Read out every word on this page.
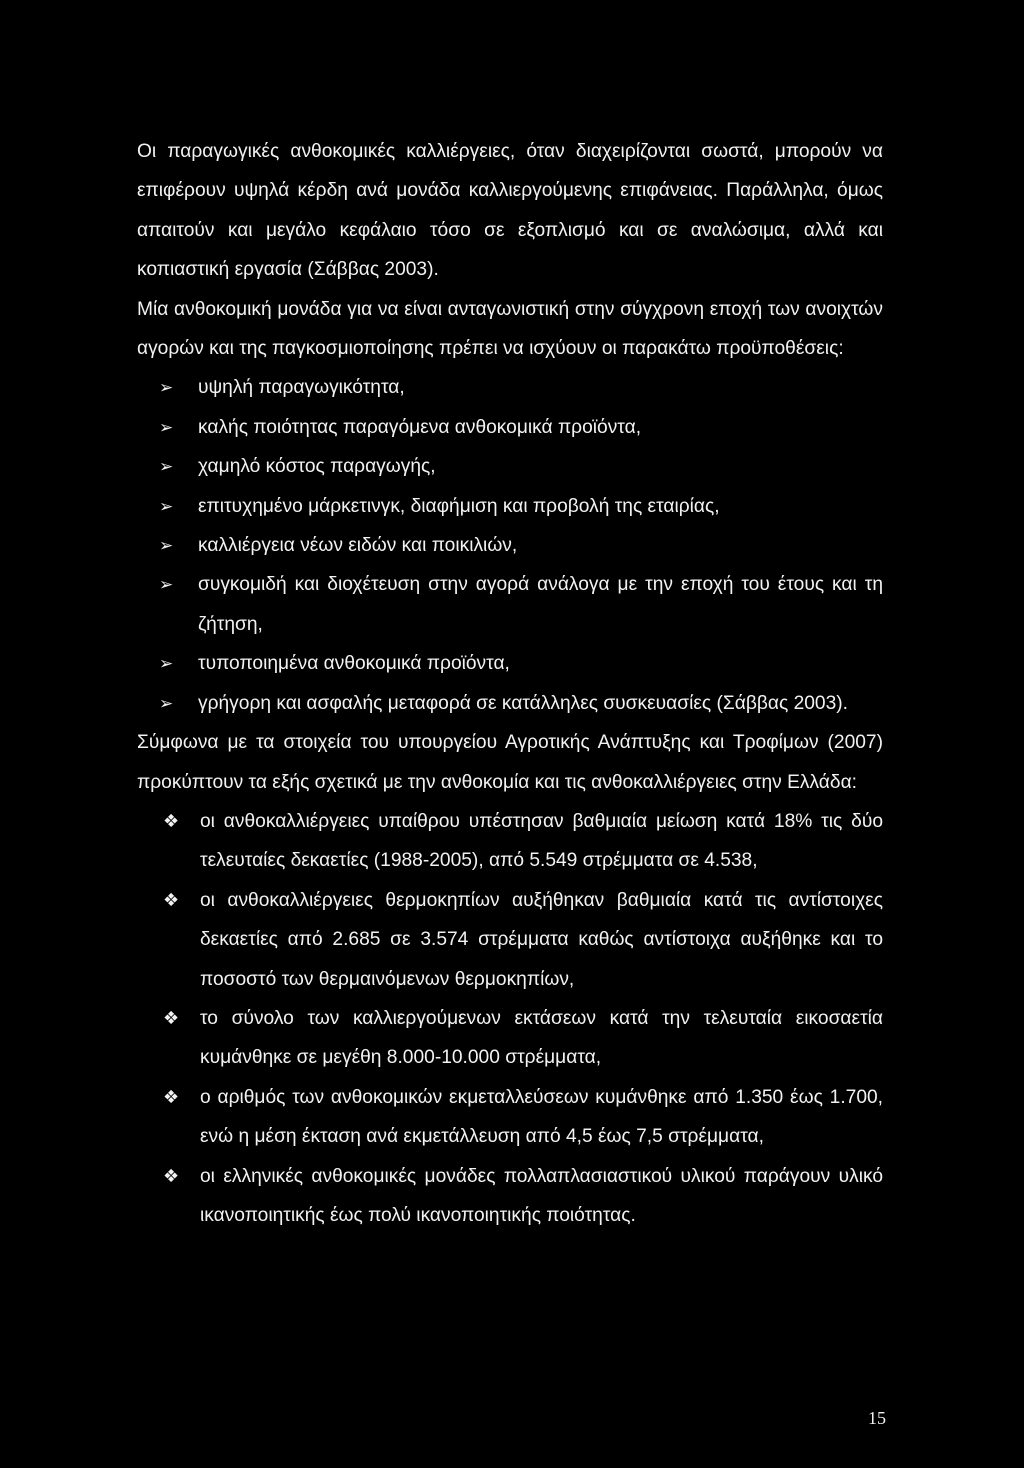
Οι παραγωγικές ανθοκομικές καλλιέργειες, όταν διαχειρίζονται σωστά, μπορούν να επιφέρουν υψηλά κέρδη ανά μονάδα καλλιεργούμενης επιφάνειας. Παράλληλα, όμως απαιτούν και μεγάλο κεφάλαιο τόσο σε εξοπλισμό και σε αναλώσιμα, αλλά και κοπιαστική εργασία (Σάββας 2003).

Μία ανθοκομική μονάδα για να είναι ανταγωνιστική στην σύγχρονη εποχή των ανοιχτών αγορών και της παγκοσμιοποίησης πρέπει να ισχύουν οι παρακάτω προϋποθέσεις:

➢ υψηλή παραγωγικότητα,
➢ καλής ποιότητας παραγόμενα ανθοκομικά προϊόντα,
➢ χαμηλό κόστος παραγωγής,
➢ επιτυχημένο μάρκετινγκ, διαφήμιση και προβολή της εταιρίας,
➢ καλλιέργεια νέων ειδών και ποικιλιών,
➢ συγκομιδή και διοχέτευση στην αγορά ανάλογα με την εποχή του έτους και τη ζήτηση,
➢ τυποποιημένα ανθοκομικά προϊόντα,
➢ γρήγορη και ασφαλής μεταφορά σε κατάλληλες συσκευασίες (Σάββας 2003).

Σύμφωνα με τα στοιχεία του υπουργείου Αγροτικής Ανάπτυξης και Τροφίμων (2007) προκύπτουν τα εξής σχετικά με την ανθοκομία και τις ανθοκαλλιέργειες στην Ελλάδα:

❖ οι ανθοκαλλιέργειες υπαίθρου υπέστησαν βαθμιαία μείωση κατά 18% τις δύο τελευταίες δεκαετίες (1988-2005), από 5.549 στρέμματα σε 4.538,
❖ οι ανθοκαλλιέργειες θερμοκηπίων αυξήθηκαν βαθμιαία κατά τις αντίστοιχες δεκαετίες από 2.685 σε 3.574 στρέμματα καθώς αντίστοιχα αυξήθηκε και το ποσοστό των θερμαινόμενων θερμοκηπίων,
❖ το σύνολο των καλλιεργούμενων εκτάσεων κατά την τελευταία εικοσαετία κυμάνθηκε σε μεγέθη 8.000-10.000 στρέμματα,
❖ ο αριθμός των ανθοκομικών εκμεταλλεύσεων κυμάνθηκε από 1.350 έως 1.700, ενώ η μέση έκταση ανά εκμετάλλευση από 4,5 έως 7,5 στρέμματα,
❖ οι ελληνικές ανθοκομικές μονάδες πολλαπλασιαστικού υλικού παράγουν υλικό ικανοποιητικής έως πολύ ικανοποιητικής ποιότητας.
15
